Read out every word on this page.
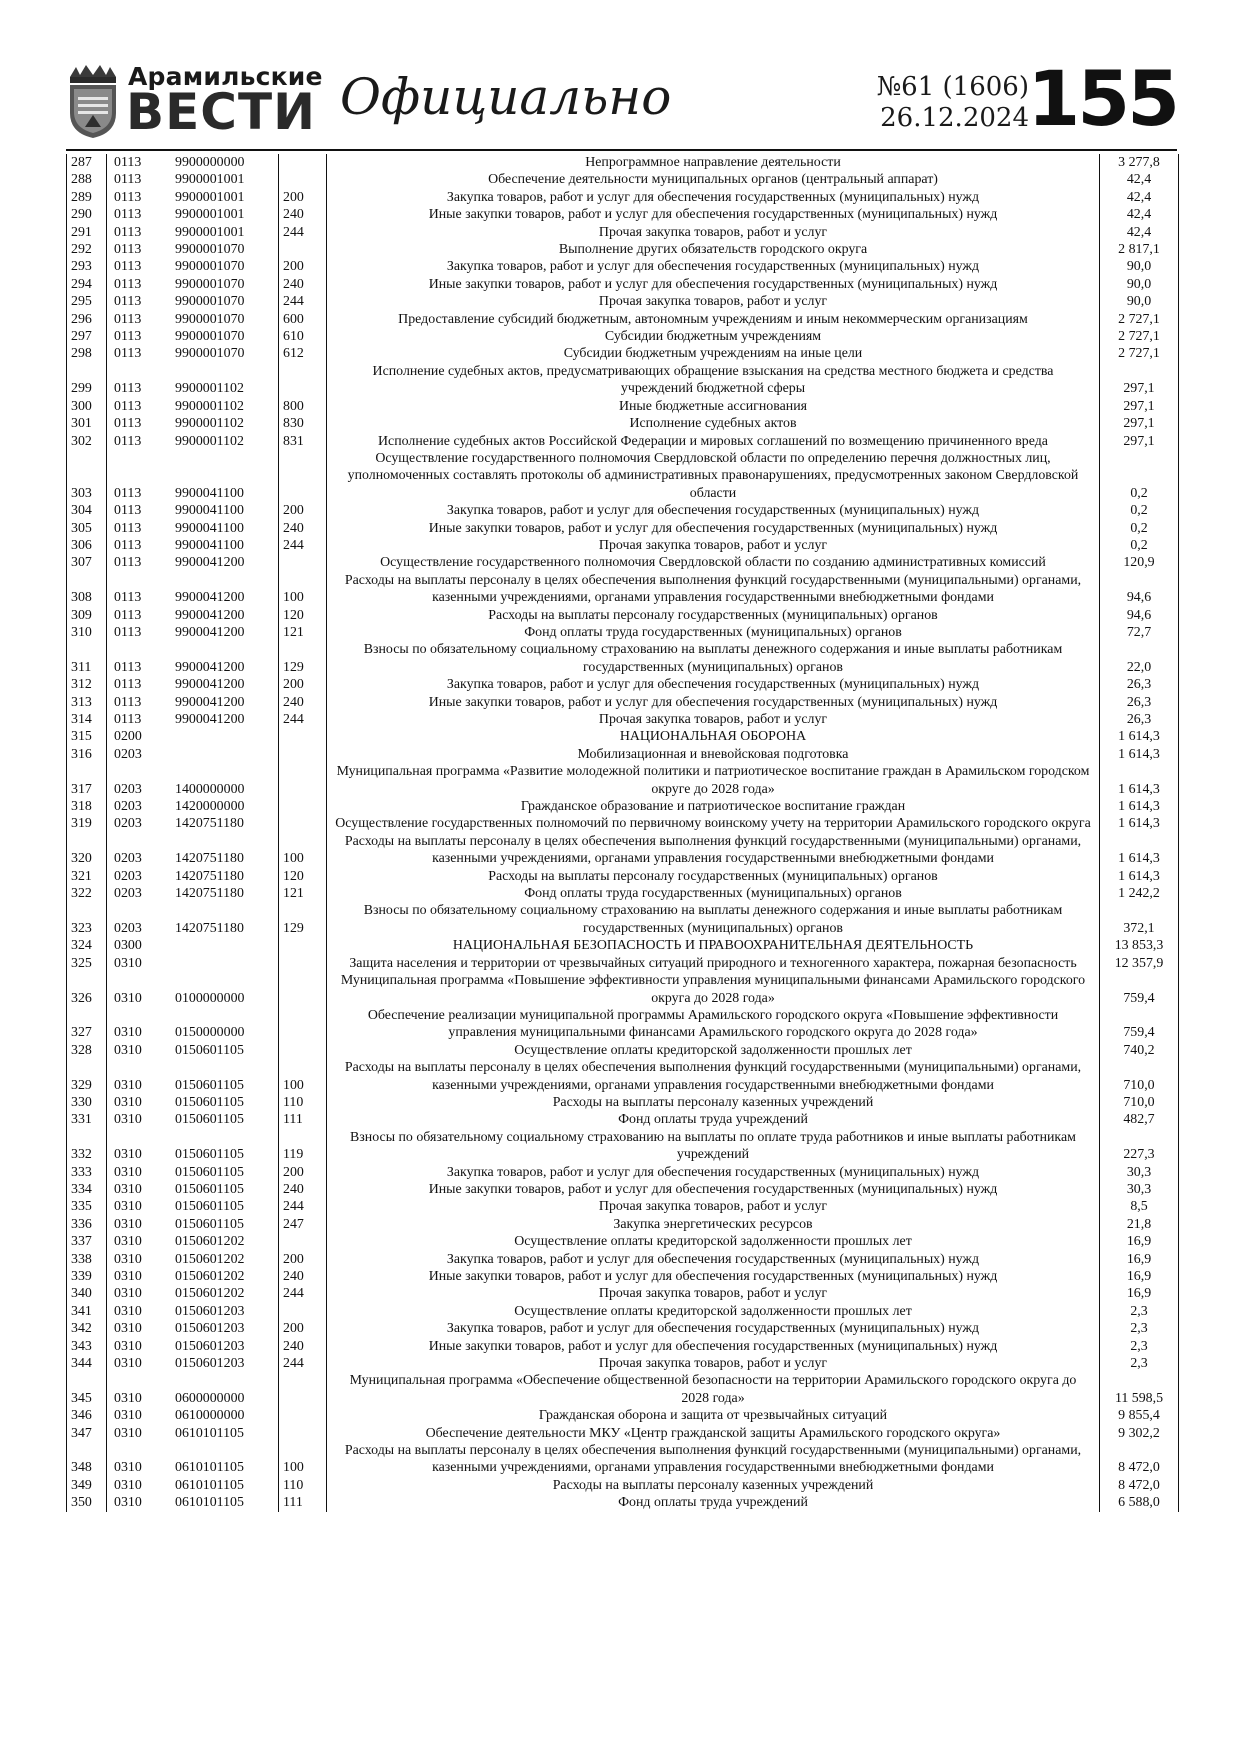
Арамильские
ВЕСТИ Официально	№61 (1606)
26.12.2024
155
287	0113	9900000000		Непрограммное направление деятельности	3 277,8
288	0113	9900001001		Обеспечение деятельности муниципальных органов (центральный аппарат)	42,4
289	0113	9900001001	200	Закупка товаров, работ и услуг для обеспечения государственных (муниципальных) нужд	42,4
290	0113	9900001001	240	Иные закупки товаров, работ и услуг для обеспечения государственных (муниципальных) нужд	42,4
291	0113	9900001001	244	Прочая закупка товаров, работ и услуг	42,4
292	0113	9900001070		Выполнение других обязательств городского округа	2 817,1
293	0113	9900001070	200	Закупка товаров, работ и услуг для обеспечения государственных (муниципальных) нужд	90,0
294	0113	9900001070	240	Иные закупки товаров, работ и услуг для обеспечения государственных (муниципальных) нужд	90,0
295	0113	9900001070	244	Прочая закупка товаров, работ и услуг	90,0
296	0113	9900001070	600	Предоставление субсидий бюджетным, автономным учреждениям и иным некоммерческим организациям	2 727,1
297	0113	9900001070	610	Субсидии бюджетным учреждениям	2 727,1
298	0113	9900001070	612	Субсидии бюджетным учреждениям на иные цели	2 727,1
299	0113	9900001102		Исполнение судебных актов, предусматривающих обращение взыскания на средства местного бюджета и средства учреждений бюджетной сферы	297,1
300	0113	9900001102	800	Иные бюджетные ассигнования	297,1
301	0113	9900001102	830	Исполнение судебных актов	297,1
302	0113	9900001102	831	Исполнение судебных актов Российской Федерации и мировых соглашений по возмещению причиненного вреда	297,1
303	0113	9900041100		Осуществление государственного полномочия Свердловской области по определению перечня должностных лиц, уполномоченных составлять протоколы об административных правонарушениях, предусмотренных законом Свердловской области	0,2
304	0113	9900041100	200	Закупка товаров, работ и услуг для обеспечения государственных (муниципальных) нужд	0,2
305	0113	9900041100	240	Иные закупки товаров, работ и услуг для обеспечения государственных (муниципальных) нужд	0,2
306	0113	9900041100	244	Прочая закупка товаров, работ и услуг	0,2
307	0113	9900041200		Осуществление государственного полномочия Свердловской области по созданию административных комиссий	120,9
308	0113	9900041200	100	Расходы на выплаты персоналу в целях обеспечения выполнения функций государственными (муниципальными) органами, казенными учреждениями, органами управления государственными внебюджетными фондами	94,6
309	0113	9900041200	120	Расходы на выплаты персоналу государственных (муниципальных) органов	94,6
310	0113	9900041200	121	Фонд оплаты труда государственных (муниципальных) органов	72,7
311	0113	9900041200	129	Взносы по обязательному социальному страхованию на выплаты денежного содержания и иные выплаты работникам государственных (муниципальных) органов	22,0
312	0113	9900041200	200	Закупка товаров, работ и услуг для обеспечения государственных (муниципальных) нужд	26,3
313	0113	9900041200	240	Иные закупки товаров, работ и услуг для обеспечения государственных (муниципальных) нужд	26,3
314	0113	9900041200	244	Прочая закупка товаров, работ и услуг	26,3
315	0200			НАЦИОНАЛЬНАЯ ОБОРОНА	1 614,3
316	0203			Мобилизационная и вневойсковая подготовка	1 614,3
317	0203	1400000000		Муниципальная программа «Развитие молодежной политики и патриотическое воспитание граждан в Арамильском городском округе до 2028 года»	1 614,3
318	0203	1420000000		Гражданское образование и патриотическое воспитание граждан	1 614,3
319	0203	1420751180		Осуществление государственных полномочий по первичному воинскому учету на территории Арамильского городского округа	1 614,3
320	0203	1420751180	100	Расходы на выплаты персоналу в целях обеспечения выполнения функций государственными (муниципальными) органами, казенными учреждениями, органами управления государственными внебюджетными фондами	1 614,3
321	0203	1420751180	120	Расходы на выплаты персоналу государственных (муниципальных) органов	1 614,3
322	0203	1420751180	121	Фонд оплаты труда государственных (муниципальных) органов	1 242,2
323	0203	1420751180	129	Взносы по обязательному социальному страхованию на выплаты денежного содержания и иные выплаты работникам государственных (муниципальных) органов	372,1
324	0300			НАЦИОНАЛЬНАЯ БЕЗОПАСНОСТЬ И ПРАВООХРАНИТЕЛЬНАЯ ДЕЯТЕЛЬНОСТЬ	13 853,3
325	0310			Защита населения и территории от чрезвычайных ситуаций природного и техногенного характера, пожарная безопасность	12 357,9
326	0310	0100000000		Муниципальная программа «Повышение эффективности управления муниципальными финансами Арамильского городского округа до 2028 года»	759,4
327	0310	0150000000		Обеспечение реализации муниципальной программы Арамильского городского округа «Повышение эффективности управления муниципальными финансами Арамильского городского округа до 2028 года»	759,4
328	0310	0150601105		Осуществление оплаты кредиторской задолженности прошлых лет	740,2
329	0310	0150601105	100	Расходы на выплаты персоналу в целях обеспечения выполнения функций государственными (муниципальными) органами, казенными учреждениями, органами управления государственными внебюджетными фондами	710,0
330	0310	0150601105	110	Расходы на выплаты персоналу казенных учреждений	710,0
331	0310	0150601105	111	Фонд оплаты труда учреждений	482,7
332	0310	0150601105	119	Взносы по обязательному социальному страхованию на выплаты по оплате труда работников и иные выплаты работникам учреждений	227,3
333	0310	0150601105	200	Закупка товаров, работ и услуг для обеспечения государственных (муниципальных) нужд	30,3
334	0310	0150601105	240	Иные закупки товаров, работ и услуг для обеспечения государственных (муниципальных) нужд	30,3
335	0310	0150601105	244	Прочая закупка товаров, работ и услуг	8,5
336	0310	0150601105	247	Закупка энергетических ресурсов	21,8
337	0310	0150601202		Осуществление оплаты кредиторской задолженности прошлых лет	16,9
338	0310	0150601202	200	Закупка товаров, работ и услуг для обеспечения государственных (муниципальных) нужд	16,9
339	0310	0150601202	240	Иные закупки товаров, работ и услуг для обеспечения государственных (муниципальных) нужд	16,9
340	0310	0150601202	244	Прочая закупка товаров, работ и услуг	16,9
341	0310	0150601203		Осуществление оплаты кредиторской задолженности прошлых лет	2,3
342	0310	0150601203	200	Закупка товаров, работ и услуг для обеспечения государственных (муниципальных) нужд	2,3
343	0310	0150601203	240	Иные закупки товаров, работ и услуг для обеспечения государственных (муниципальных) нужд	2,3
344	0310	0150601203	244	Прочая закупка товаров, работ и услуг	2,3
345	0310	0600000000		Муниципальная программа «Обеспечение общественной безопасности на территории Арамильского городского округа до 2028 года»	11 598,5
346	0310	0610000000		Гражданская оборона и защита от чрезвычайных ситуаций	9 855,4
347	0310	0610101105		Обеспечение деятельности МКУ «Центр гражданской защиты Арамильского городского округа»	9 302,2
348	0310	0610101105	100	Расходы на выплаты персоналу в целях обеспечения выполнения функций государственными (муниципальными) органами, казенными учреждениями, органами управления государственными внебюджетными фондами	8 472,0
349	0310	0610101105	110	Расходы на выплаты персоналу казенных учреждений	8 472,0
350	0310	0610101105	111	Фонд оплаты труда учреждений	6 588,0
